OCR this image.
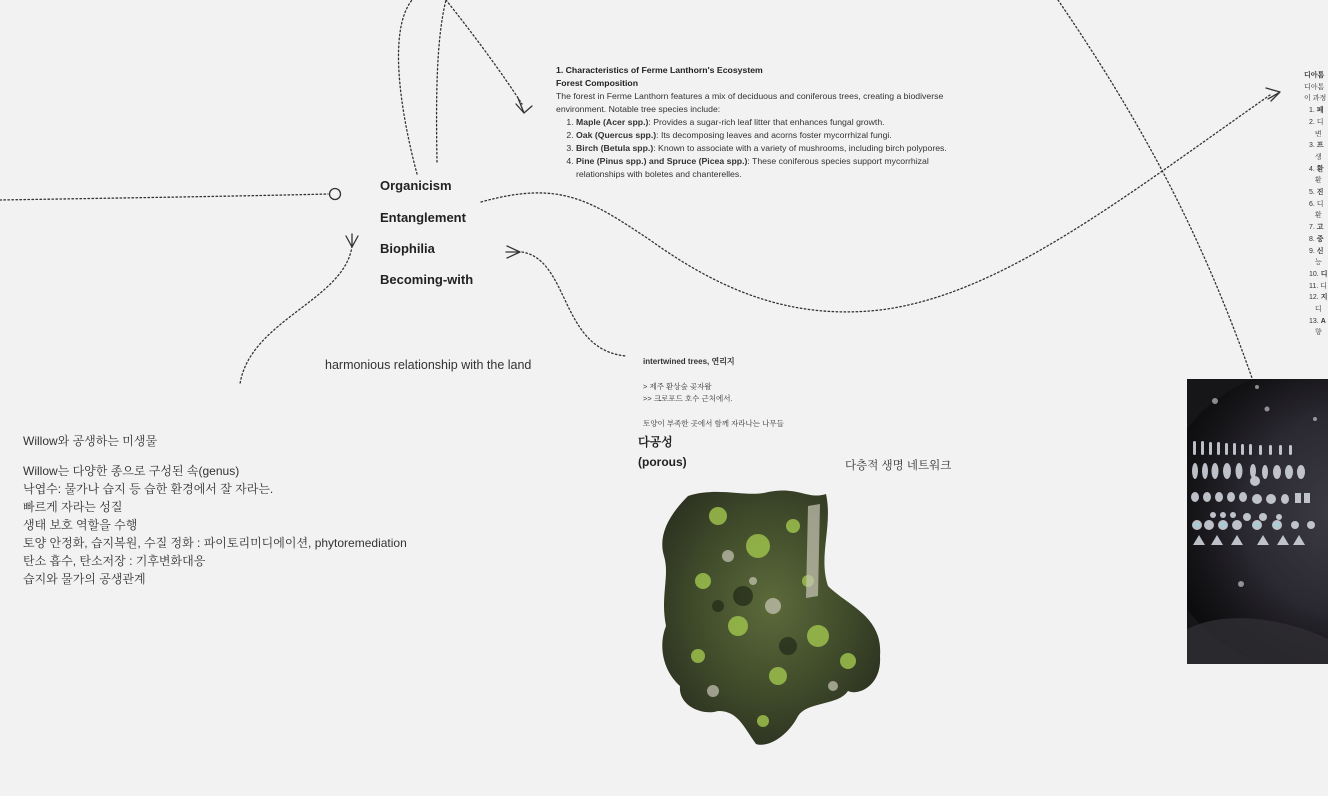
Organicism
Entanglement
Biophilia
Becoming-with
harmonious relationship with the land
1. Characteristics of Ferme Lanthorn's Ecosystem
Forest Composition
The forest in Ferme Lanthorn features a mix of deciduous and coniferous trees, creating a biodiverse environment. Notable tree species include:
1. Maple (Acer spp.): Provides a sugar-rich leaf litter that enhances fungal growth.
2. Oak (Quercus spp.): Its decomposing leaves and acorns foster mycorrhizal fungi.
3. Birch (Betula spp.): Known to associate with a variety of mushrooms, including birch polypores.
4. Pine (Pinus spp.) and Spruce (Picea spp.): These coniferous species support mycorrhizal relationships with boletes and chanterelles.
Willow와 공생하는 미생물
Willow는 다양한 종으로 구성된 속(genus)
낙엽수: 물가나 습지 등 습한 환경에서 잘 자라는.
빠르게 자라는 성질
생태 보호 역할을 수행
토양 안정화, 습지복원, 수질 정화 : 파이토리미디에이션, phytoremediation
탄소 흡수, 탄소저장 : 기후변화대응
습지와 물가의 공생관계
intertwined trees, 연리지
> 제주 환상숲 곶자왈
>> 크로포드 호수 근처에서.
토양이 부족한 곳에서 함께 자라나는 나무들
다공성
(porous)	다층적 생명 네트워크
디아톰
디아톰
이 과정
1. 페
2. 디
변
3. 프
생
4. 환
환
5. 진
6. 디
환
7. 고
8. 중
9. 신
능
10. 디
11. 디
12. 지
디
13. A
향
